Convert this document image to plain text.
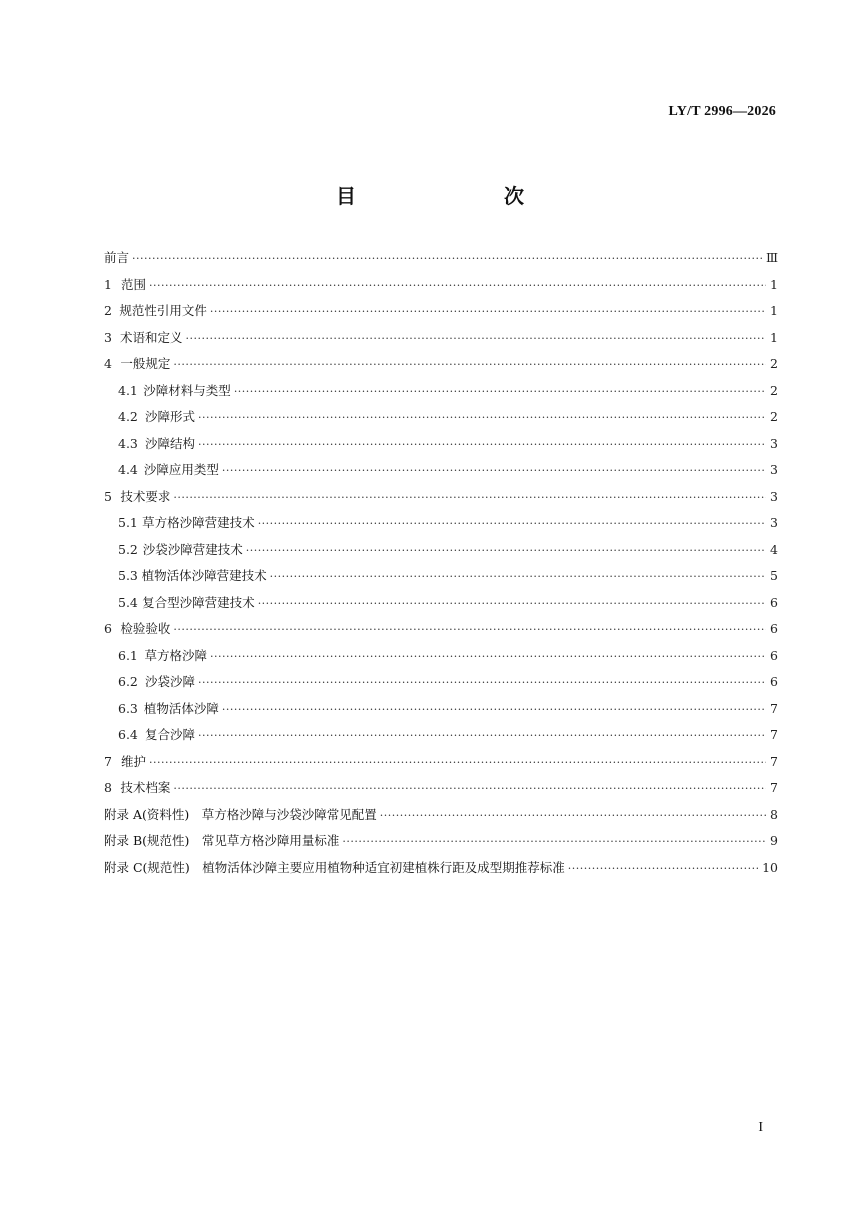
LY/T 2996—2026
目　　次
前言 ·····	Ⅲ
1 范围 ·····	1
2 规范性引用文件 ·····	1
3 术语和定义 ·····	1
4 一般规定 ·····	2
4.1 沙障材料与类型 ·····	2
4.2 沙障形式 ·····	2
4.3 沙障结构 ·····	3
4.4 沙障应用类型 ·····	3
5 技术要求 ·····	3
5.1 草方格沙障营建技术 ·····	3
5.2 沙袋沙障营建技术 ·····	4
5.3 植物活体沙障营建技术 ·····	5
5.4 复合型沙障营建技术 ·····	6
6 检验验收 ·····	6
6.1 草方格沙障 ·····	6
6.2 沙袋沙障 ·····	6
6.3 植物活体沙障 ·····	7
6.4 复合沙障 ·····	7
7 维护 ·····	7
8 技术档案 ·····	7
附录 A(资料性)　草方格沙障与沙袋沙障常见配置 ·····	8
附录 B(规范性)　常见草方格沙障用量标准 ·····	9
附录 C(规范性)　植物活体沙障主要应用植物种适宜初建植株行距及成型期推荐标准 ·····	10
I
